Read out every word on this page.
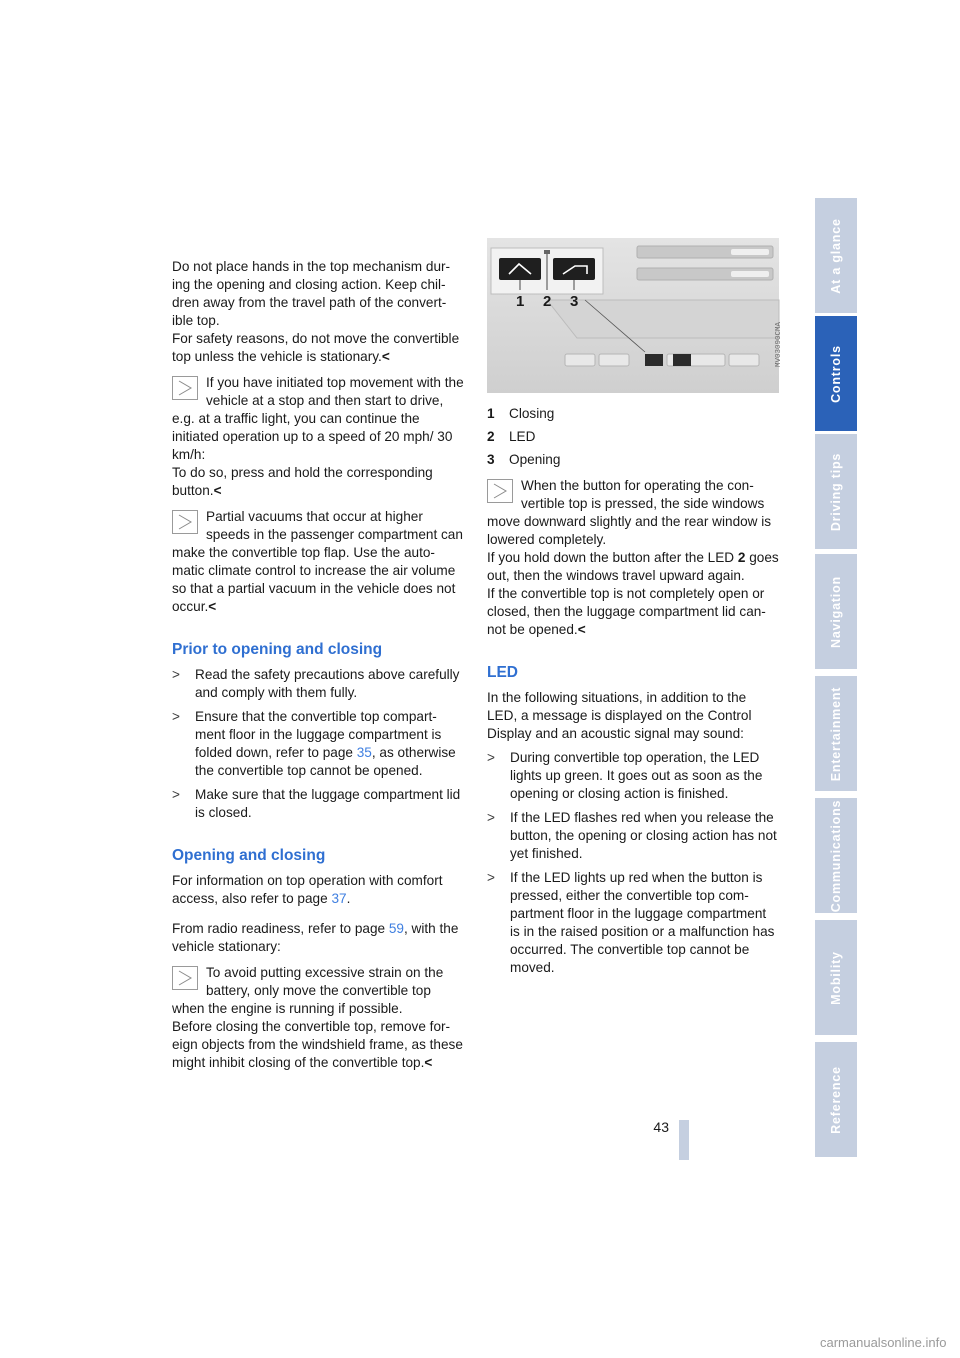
Do not place hands in the top mechanism dur-ing the opening and closing action. Keep chil-dren away from the travel path of the convert-ible top.

For safety reasons, do not move the convertible top unless the vehicle is stationary.<

If you have initiated top movement with the vehicle at a stop and then start to drive, e.g. at a traffic light, you can continue the initiated operation up to a speed of 20 mph/ 30 km/h:

To do so, press and hold the corresponding button.<

Partial vacuums that occur at higher speeds in the passenger compartment can make the convertible top flap. Use the auto-matic climate control to increase the air volume so that a partial vacuum in the vehicle does not occur.<

Prior to opening and closing
> Read the safety precautions above carefully and comply with them fully.
> Ensure that the convertible top compart-ment floor in the luggage compartment is folded down, refer to page 35, as otherwise the convertible top cannot be opened.
> Make sure that the luggage compartment lid is closed.
Opening and closing

For information on top operation with comfort access, also refer to page 37.

From radio readiness, refer to page 59, with the vehicle stationary:

To avoid putting excessive strain on the battery, only move the convertible top when the engine is running if possible.

Before closing the convertible top, remove for-eign objects from the windshield frame, as these might inhibit closing of the convertible top.<

1 2 3
MV03090CMA
1 Closing
2 LED
3 Opening

When the button for operating the con-vertible top is pressed, the side windows move downward slightly and the rear window is lowered completely.

If you hold down the button after the LED 2 goes out, then the windows travel upward again.

If the convertible top is not completely open or closed, then the luggage compartment lid can-not be opened.<

LED

In the following situations, in addition to the LED, a message is displayed on the Control Display and an acoustic signal may sound:

> During convertible top operation, the LED lights up green. It goes out as soon as the opening or closing action is finished.
> If the LED flashes red when you release the button, the opening or closing action has not yet finished.
> If the LED lights up red when the button is pressed, either the convertible top com-partment floor in the luggage compartment is in the raised position or a malfunction has occurred. The convertible top cannot be moved.
At a glance
Controls
Driving tips
Navigation
Entertainment
Communications
Mobility
Reference
43
carmanualsonline.info
